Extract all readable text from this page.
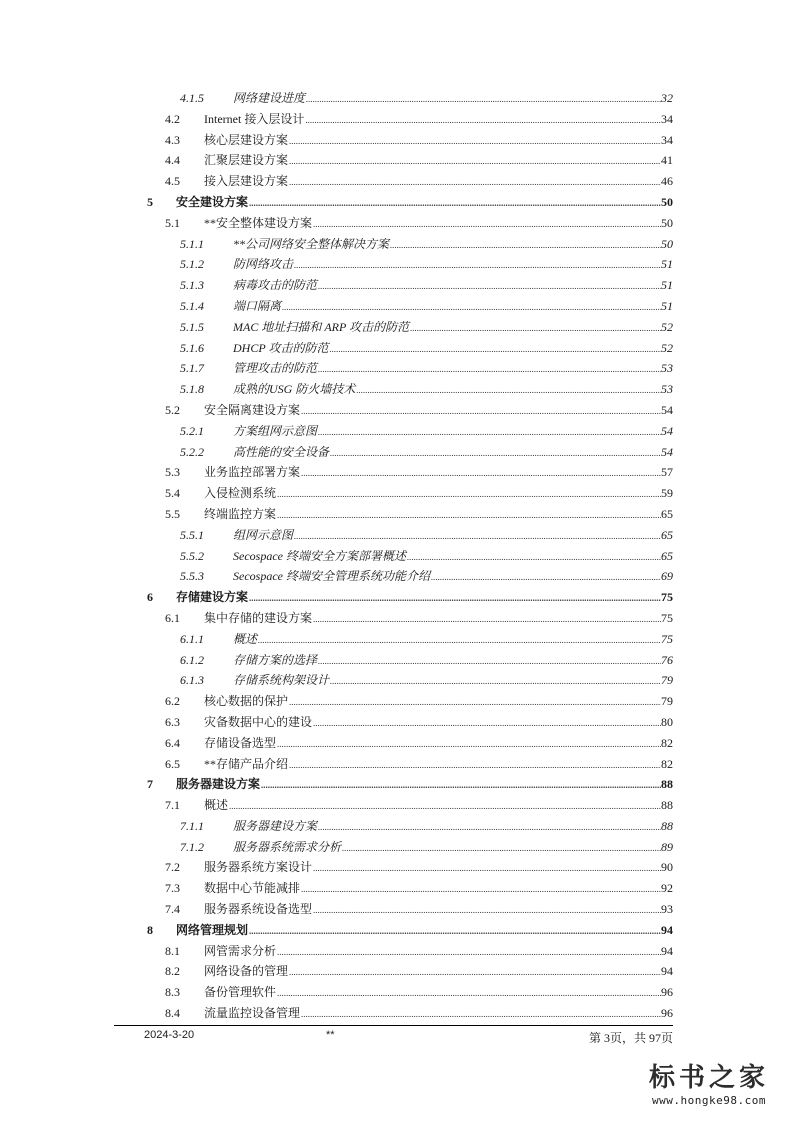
4.1.5 网络建设进度 .....	32
4.2 Internet 接入层设计 .....	34
4.3 核心层建设方案 .....	34
4.4 汇聚层建设方案 .....	41
4.5 接入层建设方案 .....	46
5 安全建设方案 .....	50
5.1 **安全整体建设方案 .....	50
5.1.1 **公司网络安全整体解决方案 .....	50
5.1.2 防网络攻击 .....	51
5.1.3 病毒攻击的防范 .....	51
5.1.4 端口隔离 .....	51
5.1.5 MAC 地址扫描和 ARP 攻击的防范 .....	52
5.1.6 DHCP 攻击的防范 .....	52
5.1.7 管理攻击的防范 .....	53
5.1.8 成熟的USG 防火墙技术 .....	53
5.2 安全隔离建设方案 .....	54
5.2.1 方案组网示意图 .....	54
5.2.2 高性能的安全设备 .....	54
5.3 业务监控部署方案 .....	57
5.4 入侵检测系统 .....	59
5.5 终端监控方案 .....	65
5.5.1 组网示意图 .....	65
5.5.2 Secospace 终端安全方案部署概述 .....	65
5.5.3 Secospace 终端安全管理系统功能介绍 .....	69
6 存储建设方案 .....	75
6.1 集中存储的建设方案 .....	75
6.1.1 概述 .....	75
6.1.2 存储方案的选择 .....	76
6.1.3 存储系统构架设计 .....	79
6.2 核心数据的保护 .....	79
6.3 灾备数据中心的建设 .....	80
6.4 存储设备选型 .....	82
6.5 **存储产品介绍 .....	82
7 服务器建设方案 .....	88
7.1 概述 .....	88
7.1.1 服务器建设方案 .....	88
7.1.2 服务器系统需求分析 .....	89
7.2 服务器系统方案设计 .....	90
7.3 数据中心节能减排 .....	92
7.4 服务器系统设备选型 .....	93
8 网络管理规划 .....	94
8.1 网管需求分析 .....	94
8.2 网络设备的管理 .....	94
8.3 备份管理软件 .....	96
8.4 流量监控设备管理 .....	96
2024-3-20	**	第 3页，共 97页
标书之家
www.hongke98.com
